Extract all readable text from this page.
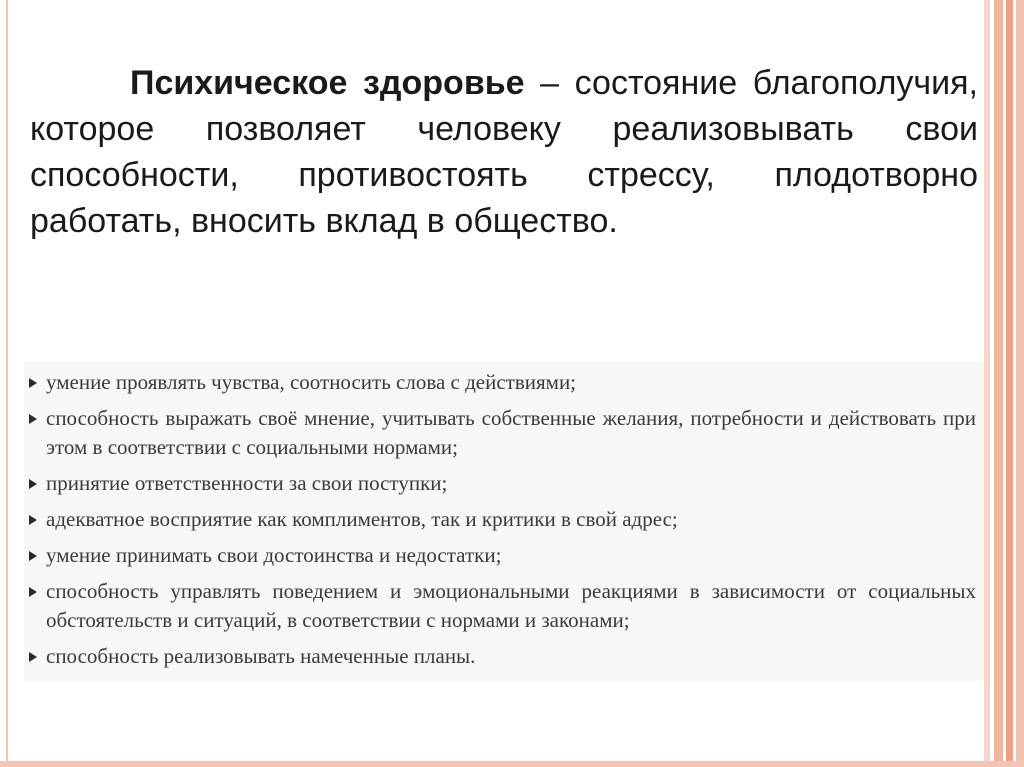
Психическое здоровье – состояние благополучия, которое позволяет человеку реализовывать свои способности, противостоять стрессу, плодотворно работать, вносить вклад в общество.

умение проявлять чувства, соотносить слова с действиями;
способность выражать своё мнение, учитывать собственные желания, потребности и действовать при этом в соответствии с социальными нормами;
принятие ответственности за свои поступки;
адекватное восприятие как комплиментов, так и критики в свой адрес;
умение принимать свои достоинства и недостатки;
способность управлять поведением и эмоциональными реакциями в зависимости от социальных обстоятельств и ситуаций, в соответствии с нормами и законами;
способность реализовывать намеченные планы.
